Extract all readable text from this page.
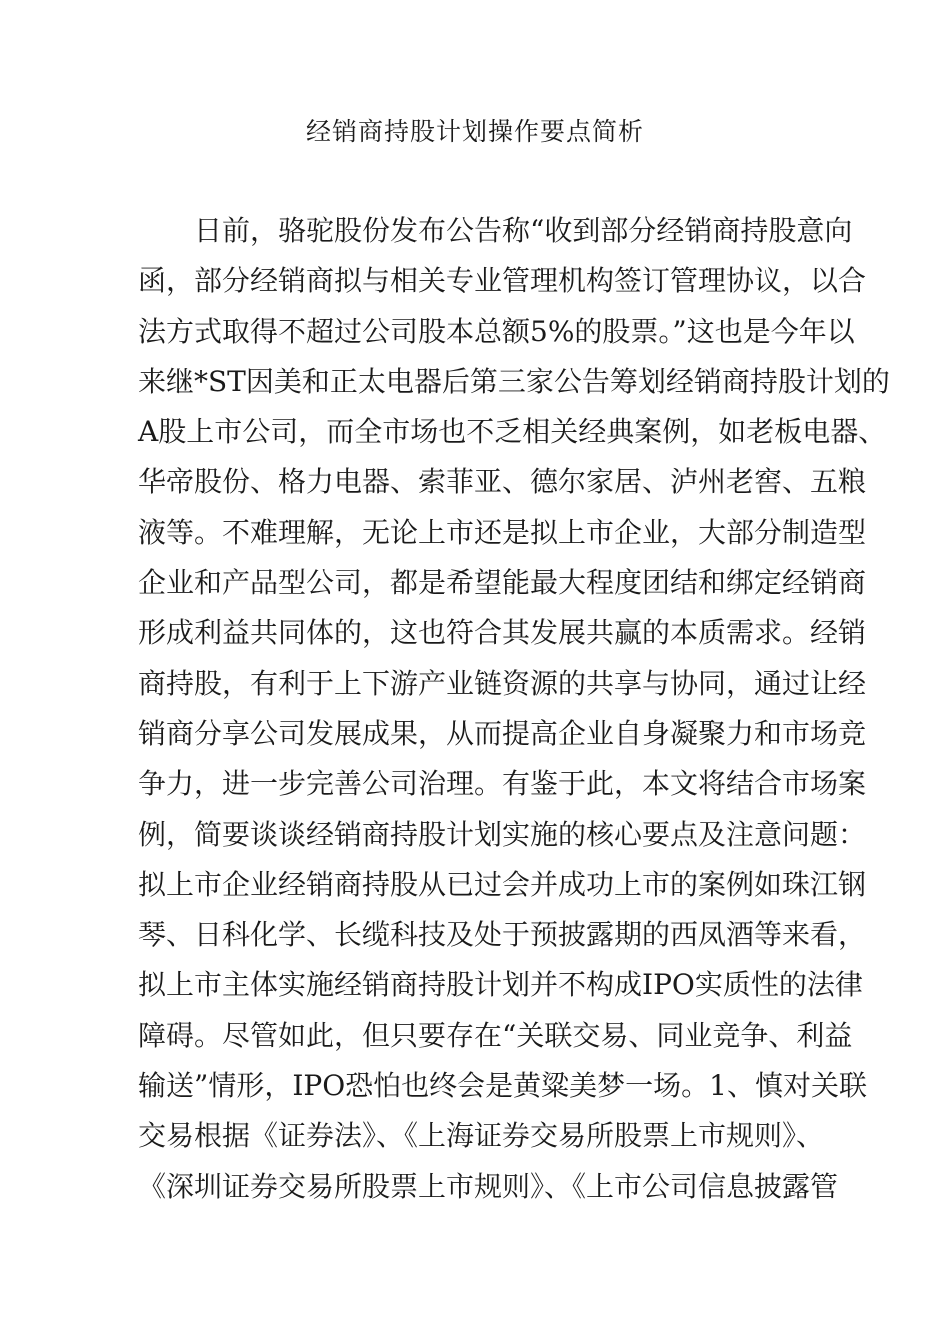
经销商持股计划操作要点简析
日前，骆驼股份发布公告称“收到部分经销商持股意向
函，部分经销商拟与相关专业管理机构签订管理协议，以合
法方式取得不超过公司股本总额5%的股票。”这也是今年以
来继*ST因美和正太电器后第三家公告筹划经销商持股计划的
A股上市公司，而全市场也不乏相关经典案例，如老板电器、
华帝股份、格力电器、索菲亚、德尔家居、泸州老窖、五粮
液等。不难理解，无论上市还是拟上市企业，大部分制造型
企业和产品型公司，都是希望能最大程度团结和绑定经销商
形成利益共同体的，这也符合其发展共赢的本质需求。经销
商持股，有利于上下游产业链资源的共享与协同，通过让经
销商分享公司发展成果，从而提高企业自身凝聚力和市场竞
争力，进一步完善公司治理。有鉴于此，本文将结合市场案
例，简要谈谈经销商持股计划实施的核心要点及注意问题：
拟上市企业经销商持股从已过会并成功上市的案例如珠江钢
琴、日科化学、长缆科技及处于预披露期的西凤酒等来看，
拟上市主体实施经销商持股计划并不构成IPO实质性的法律
障碍。尽管如此，但只要存在“关联交易、同业竞争、利益
输送”情形，IPO恐怕也终会是黄粱美梦一场。1、慎对关联
交易根据《证券法》、《上海证券交易所股票上市规则》、
《深圳证券交易所股票上市规则》、《上市公司信息披露管
